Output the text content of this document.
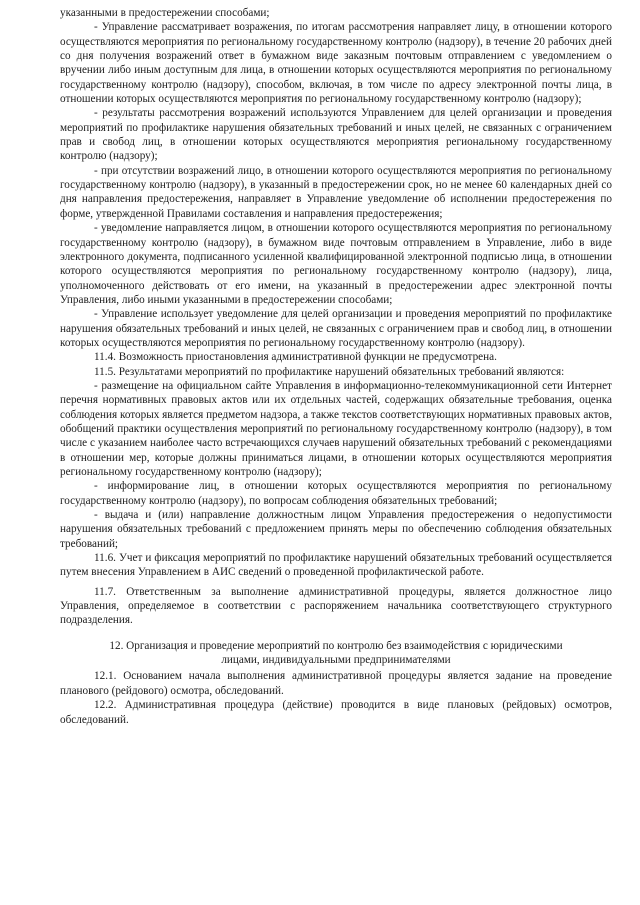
указанными в предостережении способами;

- Управление рассматривает возражения, по итогам рассмотрения направляет лицу, в отношении которого осуществляются мероприятия по региональному государственному контролю (надзору), в течение 20 рабочих дней со дня получения возражений ответ в бумажном виде заказным почтовым отправлением с уведомлением о вручении либо иным доступным для лица, в отношении которых осуществляются мероприятия по региональному государственному контролю (надзору), способом, включая, в том числе по адресу электронной почты лица, в отношении которых осуществляются мероприятия по региональному государственному контролю (надзору);

- результаты рассмотрения возражений используются Управлением для целей организации и проведения мероприятий по профилактике нарушения обязательных требований и иных целей, не связанных с ограничением прав и свобод лиц, в отношении которых осуществляются мероприятия региональному государственному контролю (надзору);

- при отсутствии возражений лицо, в отношении которого осуществляются мероприятия по региональному государственному контролю (надзору), в указанный в предостережении срок, но не менее 60 календарных дней со дня направления предостережения, направляет в Управление уведомление об исполнении предостережения по форме, утвержденной Правилами составления и направления предостережения;

- уведомление направляется лицом, в отношении которого осуществляются мероприятия по региональному государственному контролю (надзору), в бумажном виде почтовым отправлением в Управление, либо в виде электронного документа, подписанного усиленной квалифицированной электронной подписью лица, в отношении которого осуществляются мероприятия по региональному государственному контролю (надзору), лица, уполномоченного действовать от его имени, на указанный в предостережении адрес электронной почты Управления, либо иными указанными в предостережении способами;

- Управление использует уведомление для целей организации и проведения мероприятий по профилактике нарушения обязательных требований и иных целей, не связанных с ограничением прав и свобод лиц, в отношении которых осуществляются мероприятия по региональному государственному контролю (надзору).

11.4. Возможность приостановления административной функции не предусмотрена.

11.5. Результатами мероприятий по профилактике нарушений обязательных требований являются:

- размещение на официальном сайте Управления в информационно-телекоммуникационной сети Интернет перечня нормативных правовых актов или их отдельных частей, содержащих обязательные требования, оценка соблюдения которых является предметом надзора, а также текстов соответствующих нормативных правовых актов, обобщений практики осуществления мероприятий по региональному государственному контролю (надзору), в том числе с указанием наиболее часто встречающихся случаев нарушений обязательных требований с рекомендациями в отношении мер, которые должны приниматься лицами, в отношении которых осуществляются мероприятия региональному государственному контролю (надзору);

- информирование лиц, в отношении которых осуществляются мероприятия по региональному государственному контролю (надзору), по вопросам соблюдения обязательных требований;

- выдача и (или) направление должностным лицом Управления предостережения о недопустимости нарушения обязательных требований с предложением принять меры по обеспечению соблюдения обязательных требований;

11.6. Учет и фиксация мероприятий по профилактике нарушений обязательных требований осуществляется путем внесения Управлением в АИС сведений о проведенной профилактической работе.

11.7. Ответственным за выполнение административной процедуры, является должностное лицо Управления, определяемое в соответствии с распоряжением начальника соответствующего структурного подразделения.

12. Организация и проведение мероприятий по контролю без взаимодействия с юридическими лицами, индивидуальными предпринимателями

12.1. Основанием начала выполнения административной процедуры является задание на проведение планового (рейдового) осмотра, обследований.

12.2. Административная процедура (действие) проводится в виде плановых (рейдовых) осмотров, обследований.
